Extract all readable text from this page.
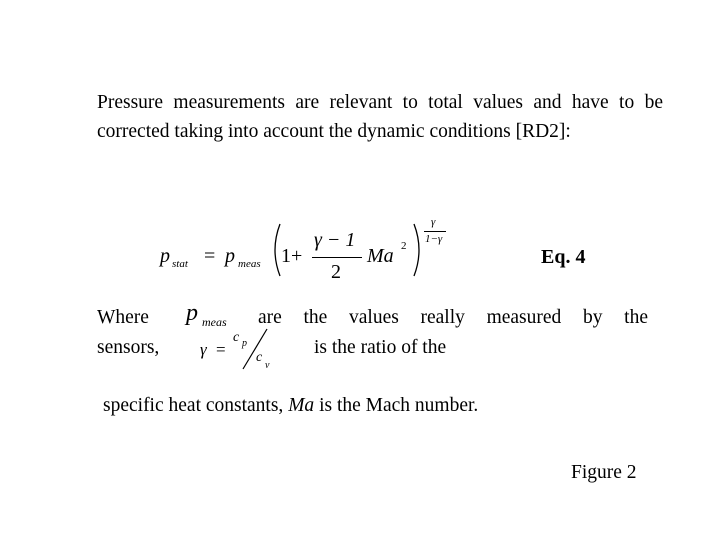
Pressure measurements are relevant to total values and have to be corrected taking into account the dynamic conditions [RD2]:
p stat = p meas 1+
γ − 1
2
Ma 2
γ
1−γ
Eq. 4
Where p meas are the values really measured by the
sensors, γ =
c p
c
v
is the ratio of the
specific heat constants, Ma is the Mach number.
Figure 2
